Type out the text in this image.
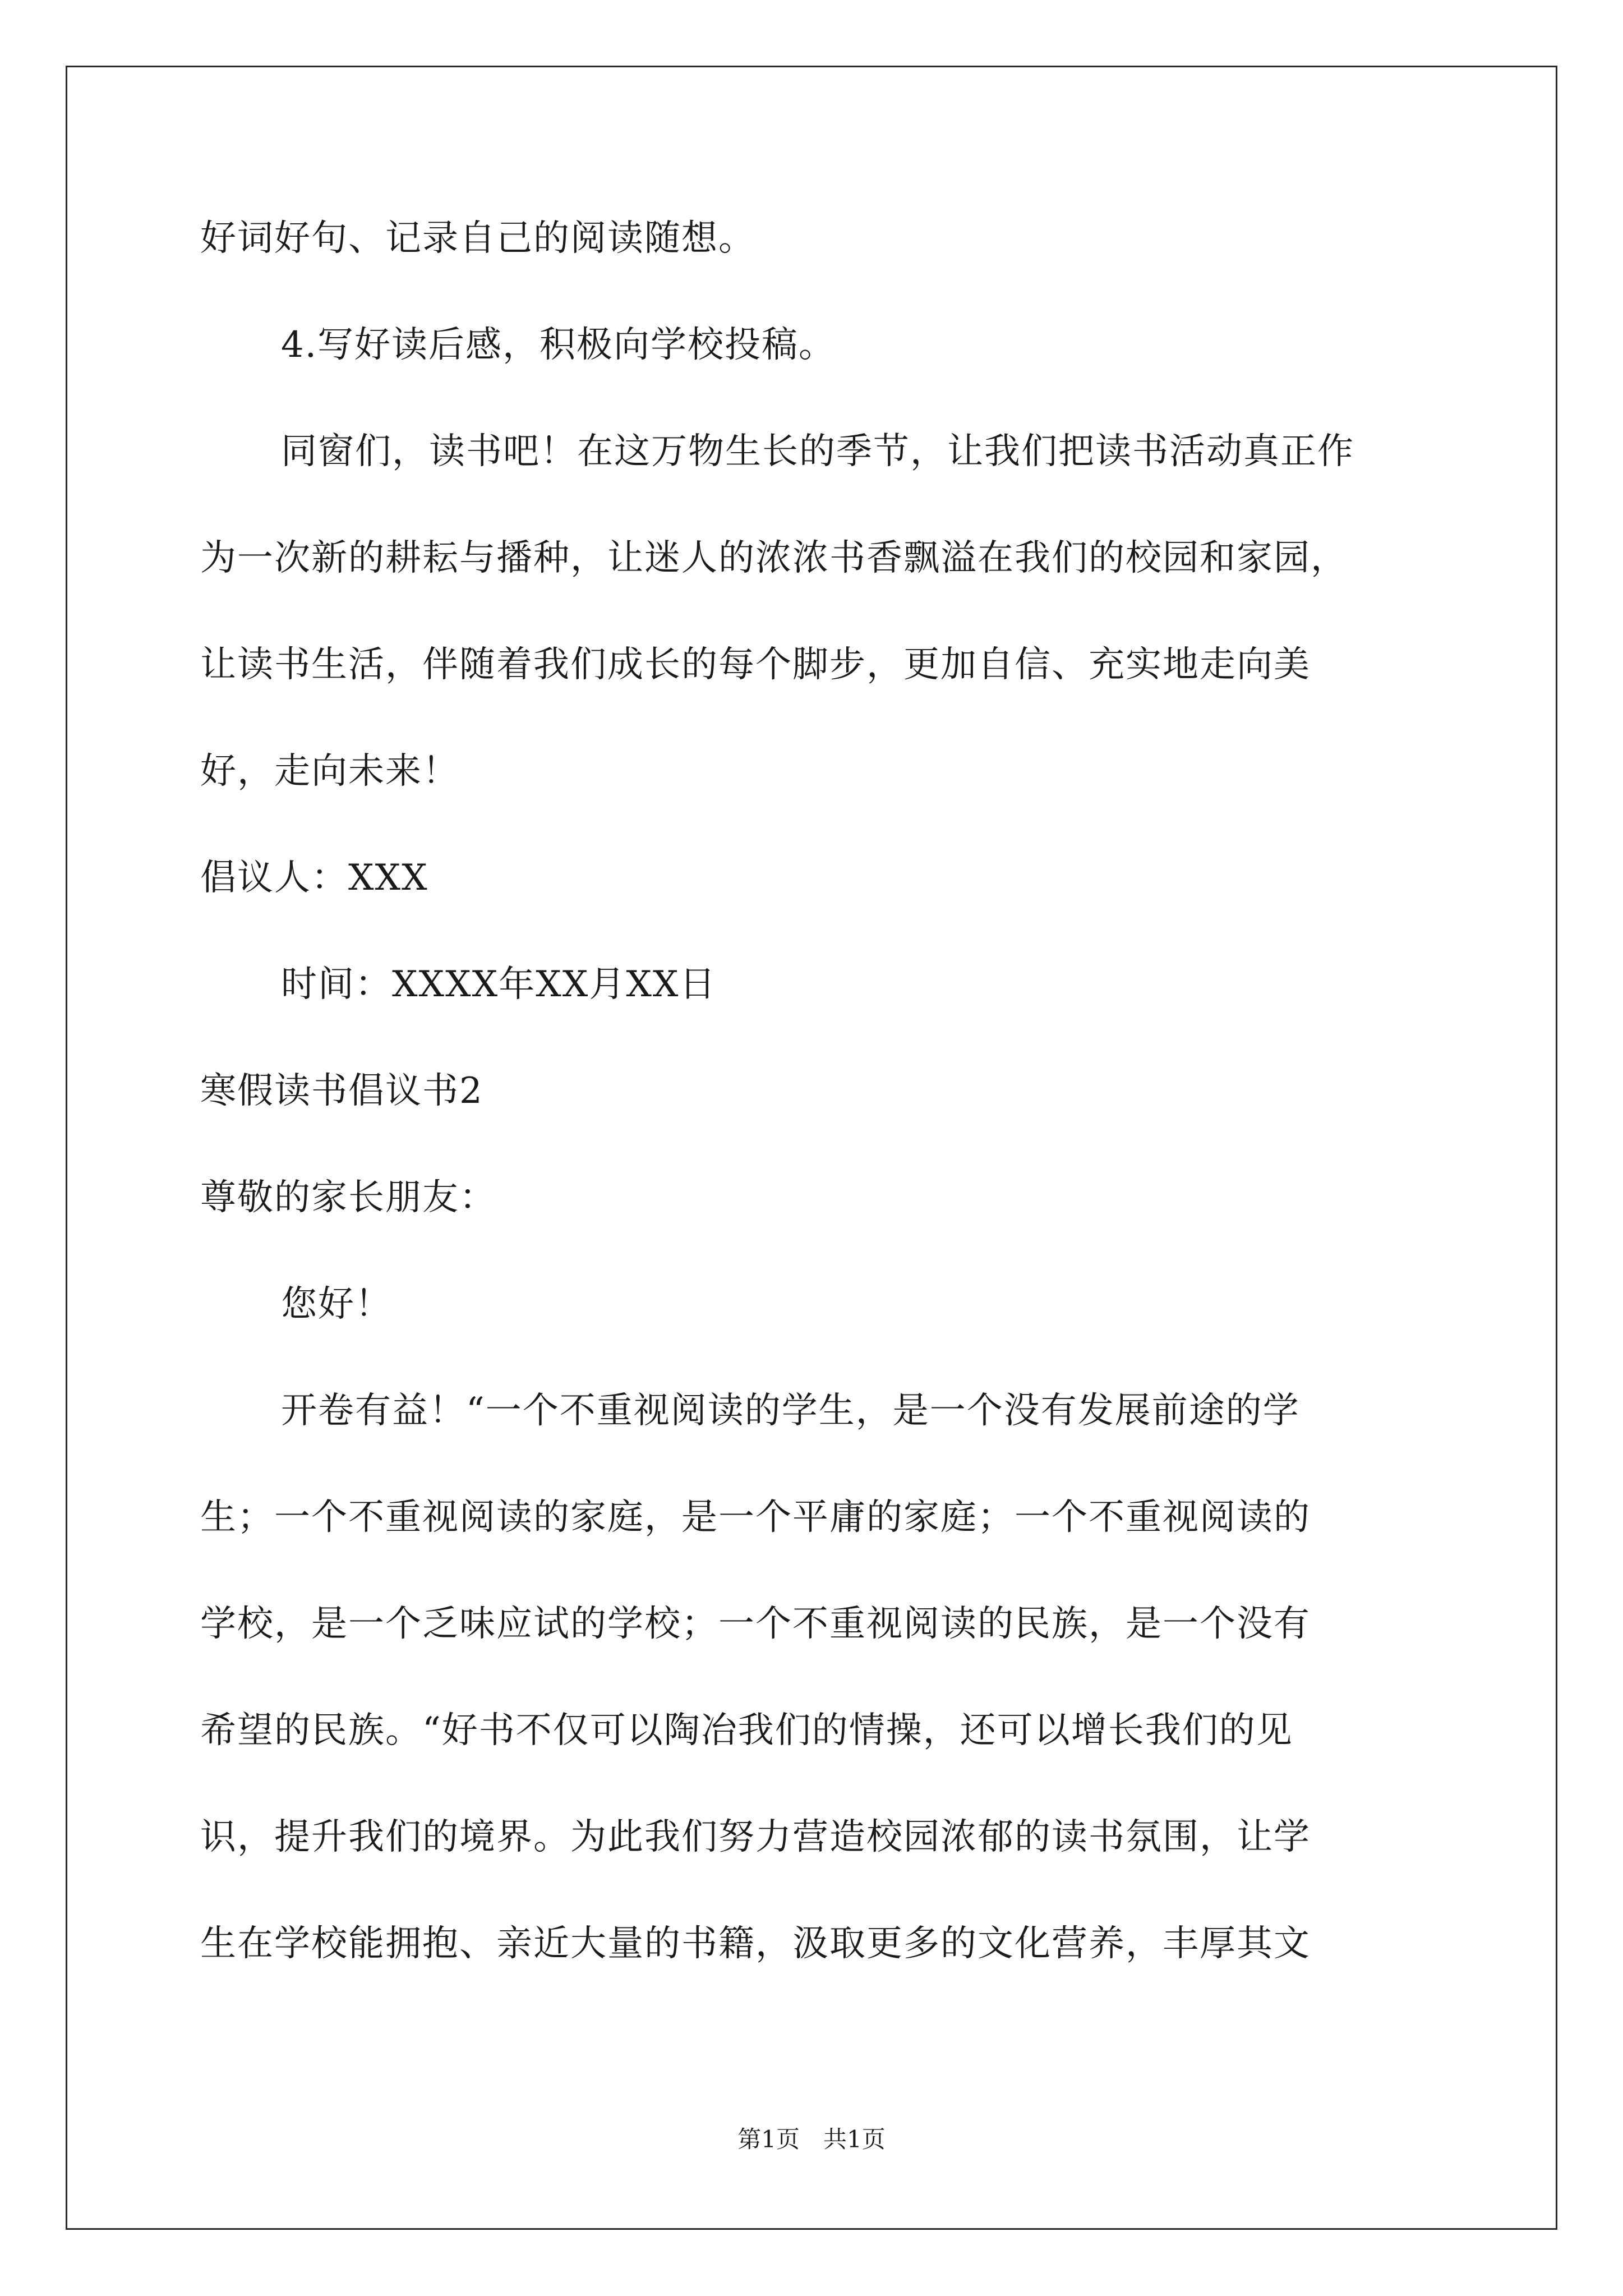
好词好句、记录自己的阅读随想。
4.写好读后感，积极向学校投稿。
同窗们，读书吧！在这万物生长的季节，让我们把读书活动真正作
为一次新的耕耘与播种，让迷人的浓浓书香飘溢在我们的校园和家园，
让读书生活，伴随着我们成长的每个脚步，更加自信、充实地走向美
好，走向未来！
倡议人：XXX
时间：XXXX年XX月XX日
寒假读书倡议书2
尊敬的家长朋友：
您好！
开卷有益！“一个不重视阅读的学生，是一个没有发展前途的学
生；一个不重视阅读的家庭，是一个平庸的家庭；一个不重视阅读的
学校，是一个乏味应试的学校；一个不重视阅读的民族，是一个没有
希望的民族。“好书不仅可以陶冶我们的情操，还可以增长我们的见
识，提升我们的境界。为此我们努力营造校园浓郁的读书氛围，让学
生在学校能拥抱、亲近大量的书籍，汲取更多的文化营养，丰厚其文
第1页　共1页
